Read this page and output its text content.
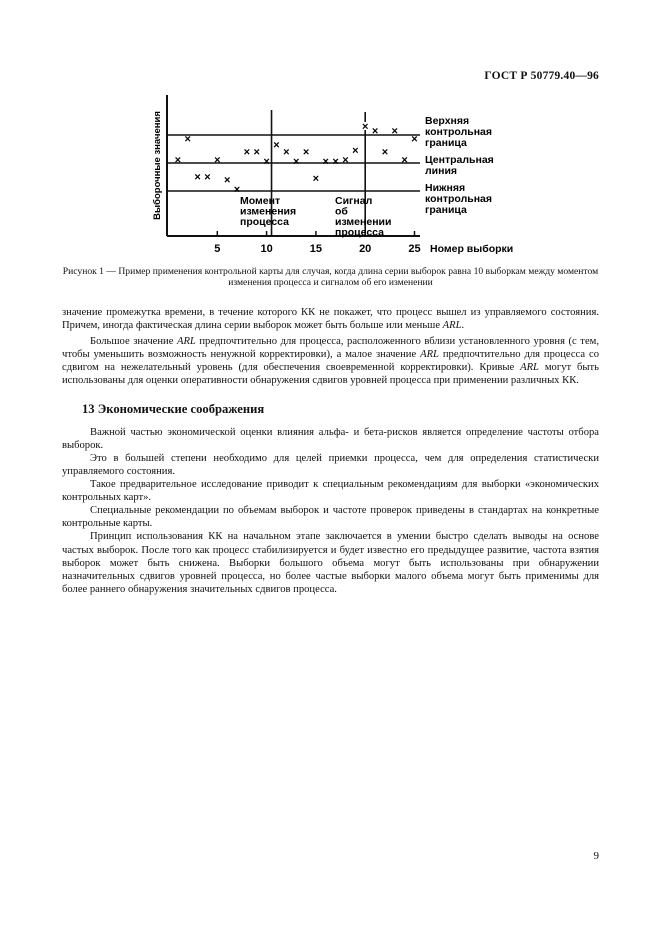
ГОСТ Р 50779.40—96
5	10	15	20	25
×
×
× ×
×
×
×
× ×
×
×
×
×
×
×
× × ×
×
× ×
×
×
×
×
Выборочные значения
Номер выборки
Верхняя контрольная граница
Центральная линия
Нижняя контрольная граница
Момент изменения процесса
Сигнал об изменении процесса
Рисунок 1 — Пример применения контрольной карты для случая, когда длина серии выборок равна 10 выборкам между моментом изменения процесса и сигналом об его изменении

значение промежутка времени, в течение которого КК не покажет, что процесс вышел из управляемого состояния. Причем, иногда фактическая длина серии выборок может быть больше или меньше ARL.

Большое значение ARL предпочтительно для процесса, расположенного вблизи установленного уровня (с тем, чтобы уменьшить возможность ненужной корректировки), а малое значение ARL предпочтительно для процесса со сдвигом на нежелательный уровень (для обеспечения своевременной корректировки). Кривые ARL могут быть использованы для оценки оперативности обнаружения сдвигов уровней процесса при применении различных КК.

13 Экономические соображения

Важной частью экономической оценки влияния альфа- и бета-рисков является определение частоты отбора выборок.

Это в большей степени необходимо для целей приемки процесса, чем для определения статистически управляемого состояния.

Такое предварительное исследование приводит к специальным рекомендациям для выборки «экономических контрольных карт».

Специальные рекомендации по объемам выборок и частоте проверок приведены в стандартах на конкретные контрольные карты.

Принцип использования КК на начальном этапе заключается в умении быстро сделать выводы на основе частых выборок. После того как процесс стабилизируется и будет известно его предыдущее развитие, частота взятия выборок может быть снижена. Выборки большого объема могут быть использованы при обнаружении назначительных сдвигов уровней процесса, но более частые выборки малого объема могут быть применимы для более раннего обнаружения значительных сдвигов процесса.

9
